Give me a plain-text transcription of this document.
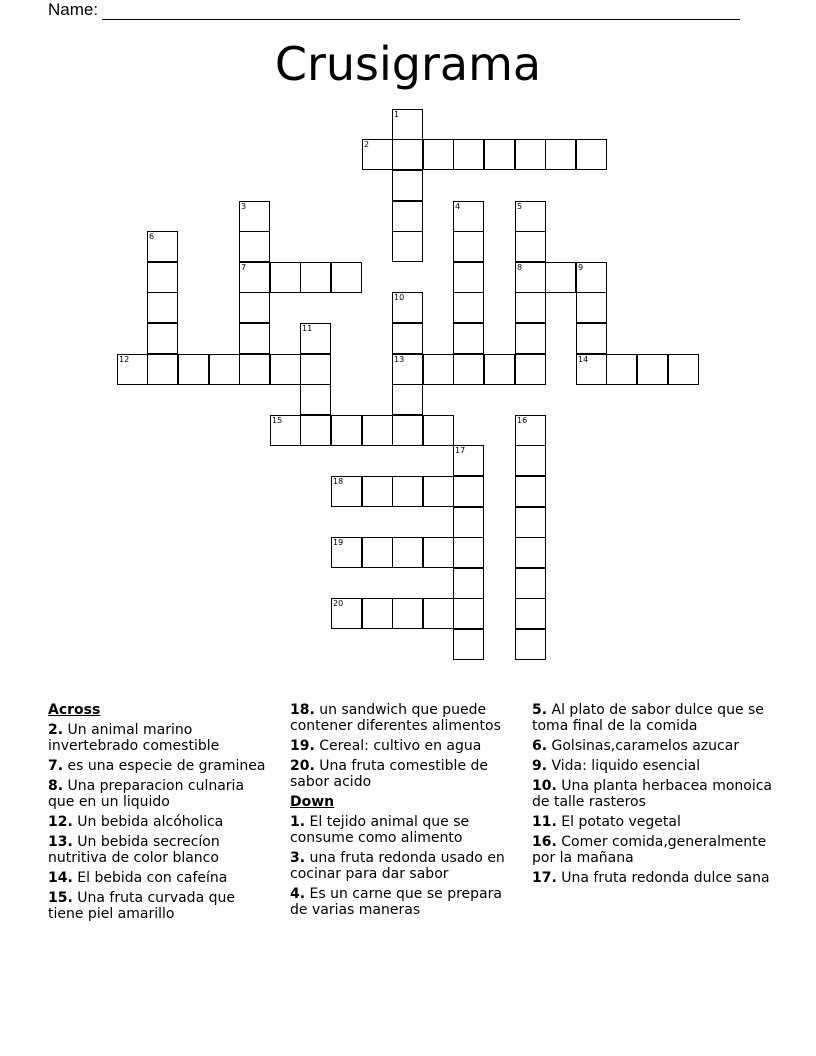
Name:
Crusigrama
1
2
3	4	5
6
7	8	9
10
11
12	13	14
15	16
17
18
19
20
Across
2. Un animal marino invertebrado comestible
7. es una especie de graminea
8. Una preparacion culnaria que en un liquido
12. Un bebida alcóholica
13. Un bebida secrecíon nutritiva de color blanco
14. El bebida con cafeína
15. Una fruta curvada que tiene piel amarillo
18. un sandwich que puede contener diferentes alimentos
19. Cereal: cultivo en agua
20. Una fruta comestible de sabor acido
Down
1. El tejido animal que se consume como alimento
3. una fruta redonda usado en cocinar para dar sabor
4. Es un carne que se prepara de varias maneras
5. Al plato de sabor dulce que se toma final de la comida
6. Golsinas,caramelos azucar
9. Vida: liquido esencial
10. Una planta herbacea monoica de talle rasteros
11. El potato vegetal
16. Comer comida,generalmente por la mañana
17. Una fruta redonda dulce sana
